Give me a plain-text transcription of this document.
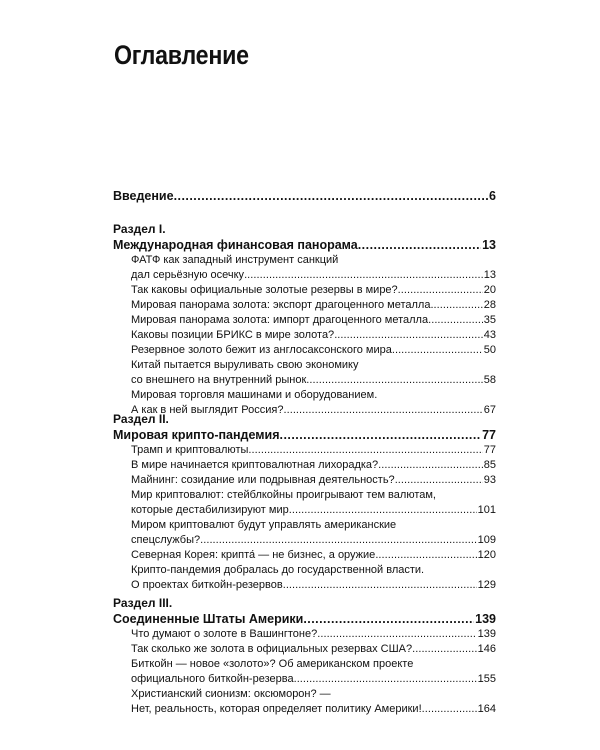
Оглавление
Введение . . .	6
Раздел I.
Международная финансовая панорама . . .	13
ФАТФ как западный инструмент санкций
дал серьёзную осечку . . .	13
Так каковы официальные золотые резервы в мире? . . .	20
Мировая панорама золота: экспорт драгоценного металла . . .	28
Мировая панорама золота: импорт драгоценного металла . . .	35
Каковы позиции БРИКС в мире золота? . . .	43
Резервное золото бежит из англосаксонского мира . . .	50
Китай пытается выруливать свою экономику
со внешнего на внутренний рынок . . .	58
Мировая торговля машинами и оборудованием.
А как в ней выглядит Россия? . . .	67
Раздел II.
Мировая крипто-пандемия . . .	77
Трамп и криптовалюты . . .	77
В мире начинается криптовалютная лихорадка? . . .	85
Майнинг: созидание или подрывная деятельность? . . .	93
Мир криптовалют: стейблкойны проигрывают тем валютам,
которые дестабилизируют мир . . .	101
Миром криптовалют будут управлять американские
спецслужбы? . . .	109
Северная Корея: крипта́ — не бизнес, а оружие . . .	120
Крипто-пандемия добралась до государственной власти.
О проектах биткойн-резервов . . .	129
Раздел III.
Соединенные Штаты Америки . . .	139
Что думают о золоте в Вашингтоне? . . .	139
Так сколько же золота в официальных резервах США? . . .	146
Биткойн — новое «золото»? Об американском проекте
официального биткойн-резерва . . .	155
Христианский сионизм: оксюморон? —
Нет, реальность, которая определяет политику Америки! . . .	164
